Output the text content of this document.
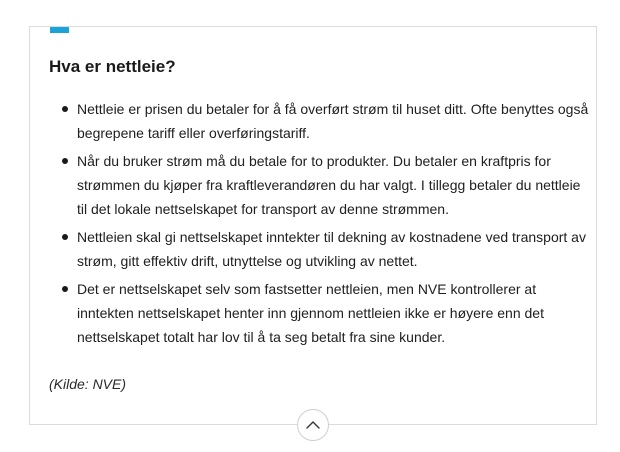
Hva er nettleie?
Nettleie er prisen du betaler for å få overført strøm til huset ditt. Ofte benyttes også begrepene tariff eller overføringstariff.
Når du bruker strøm må du betale for to produkter. Du betaler en kraftpris for strømmen du kjøper fra kraftleverandøren du har valgt. I tillegg betaler du nettleie til det lokale nettselskapet for transport av denne strømmen.
Nettleien skal gi nettselskapet inntekter til dekning av kostnadene ved transport av strøm, gitt effektiv drift, utnyttelse og utvikling av nettet.
Det er nettselskapet selv som fastsetter nettleien, men NVE kontrollerer at inntekten nettselskapet henter inn gjennom nettleien ikke er høyere enn det nettselskapet totalt har lov til å ta seg betalt fra sine kunder.
(Kilde: NVE)
